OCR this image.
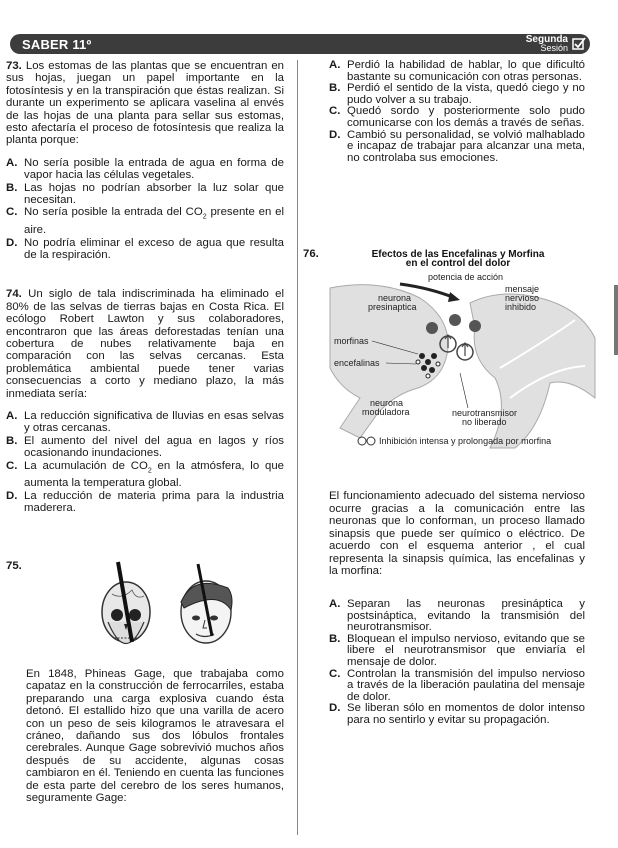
SABER 11º	Segunda
Sesión
73. Los estomas de las plantas que se encuentran en sus hojas, juegan un papel importante en la fotosíntesis y en la transpiración que éstas realizan. Si durante un experimento se aplicara vaselina al envés de las hojas de una planta para sellar sus estomas, esto afectaría el proceso de fotosíntesis que realiza la planta porque:
A. No sería posible la entrada de agua en forma de vapor hacia las células vegetales.
B. Las hojas no podrían absorber la luz solar que necesitan.
C. No sería posible la entrada del $CO_2$ presente en el aire.
D. No podría eliminar el exceso de agua que resulta de la respiración.
74. Un siglo de tala indiscriminada ha eliminado el 80% de las selvas de tierras bajas en Costa Rica. El ecólogo Robert Lawton y sus colaboradores, encontraron que las áreas deforestadas tenían una cobertura de nubes relativamente baja en comparación con las selvas cercanas. Esta problemática ambiental puede tener varias consecuencias a corto y mediano plazo, la más inmediata sería:
A. La reducción significativa de lluvias en esas selvas y otras cercanas.
B. El aumento del nivel del agua en lagos y ríos ocasionando inundaciones.
C. La acumulación de $CO_2$ en la atmósfera, lo que aumenta la temperatura global.
D. La reducción de materia prima para la industria maderera.
75.
En 1848, Phineas Gage, que trabajaba como capataz en la construcción de ferrocarriles, estaba preparando una carga explosiva cuando ésta detonó. El estallido hizo que una varilla de acero con un peso de seis kilogramos le atravesara el cráneo, dañando sus dos lóbulos frontales cerebrales. Aunque Gage sobrevivió muchos años después de su accidente, algunas cosas cambiaron en él. Teniendo en cuenta las funciones de esta parte del cerebro de los seres humanos, seguramente Gage:
A. Perdió la habilidad de hablar, lo que dificultó bastante su comunicación con otras personas.
B. Perdió el sentido de la vista, quedó ciego y no pudo volver a su trabajo.
C. Quedó sordo y posteriormente solo pudo comunicarse con los demás a través de señas.
D. Cambió su personalidad, se volvió malhablado e incapaz de trabajar para alcanzar una meta, no controlaba sus emociones.
76.	Efectos de las Encefalinas y Morfina
en el control del dolor
potencia de acción
neurona
presinaptica
mensaje
nervioso
inhibido
morfinas
encefalinas
neurona
moduladora	neurotransmisor
no liberado
Inhibición intensa y prolongada por morfina
El funcionamiento adecuado del sistema nervioso ocurre gracias a la comunicación entre las neuronas que lo conforman, un proceso llamado sinapsis que puede ser químico o eléctrico. De acuerdo con el esquema anterior , el cual representa la sinapsis química, las encefalinas y la morfina:
A. Separan las neuronas presináptica y postsináptica, evitando la transmisión del neurotransmisor.
B. Bloquean el impulso nervioso, evitando que se libere el neurotransmisor que enviaría el mensaje de dolor.
C. Controlan la transmisión del impulso nervioso a través de la liberación paulatina del mensaje de dolor.
D. Se liberan sólo en momentos de dolor intenso para no sentirlo y evitar su propagación.
